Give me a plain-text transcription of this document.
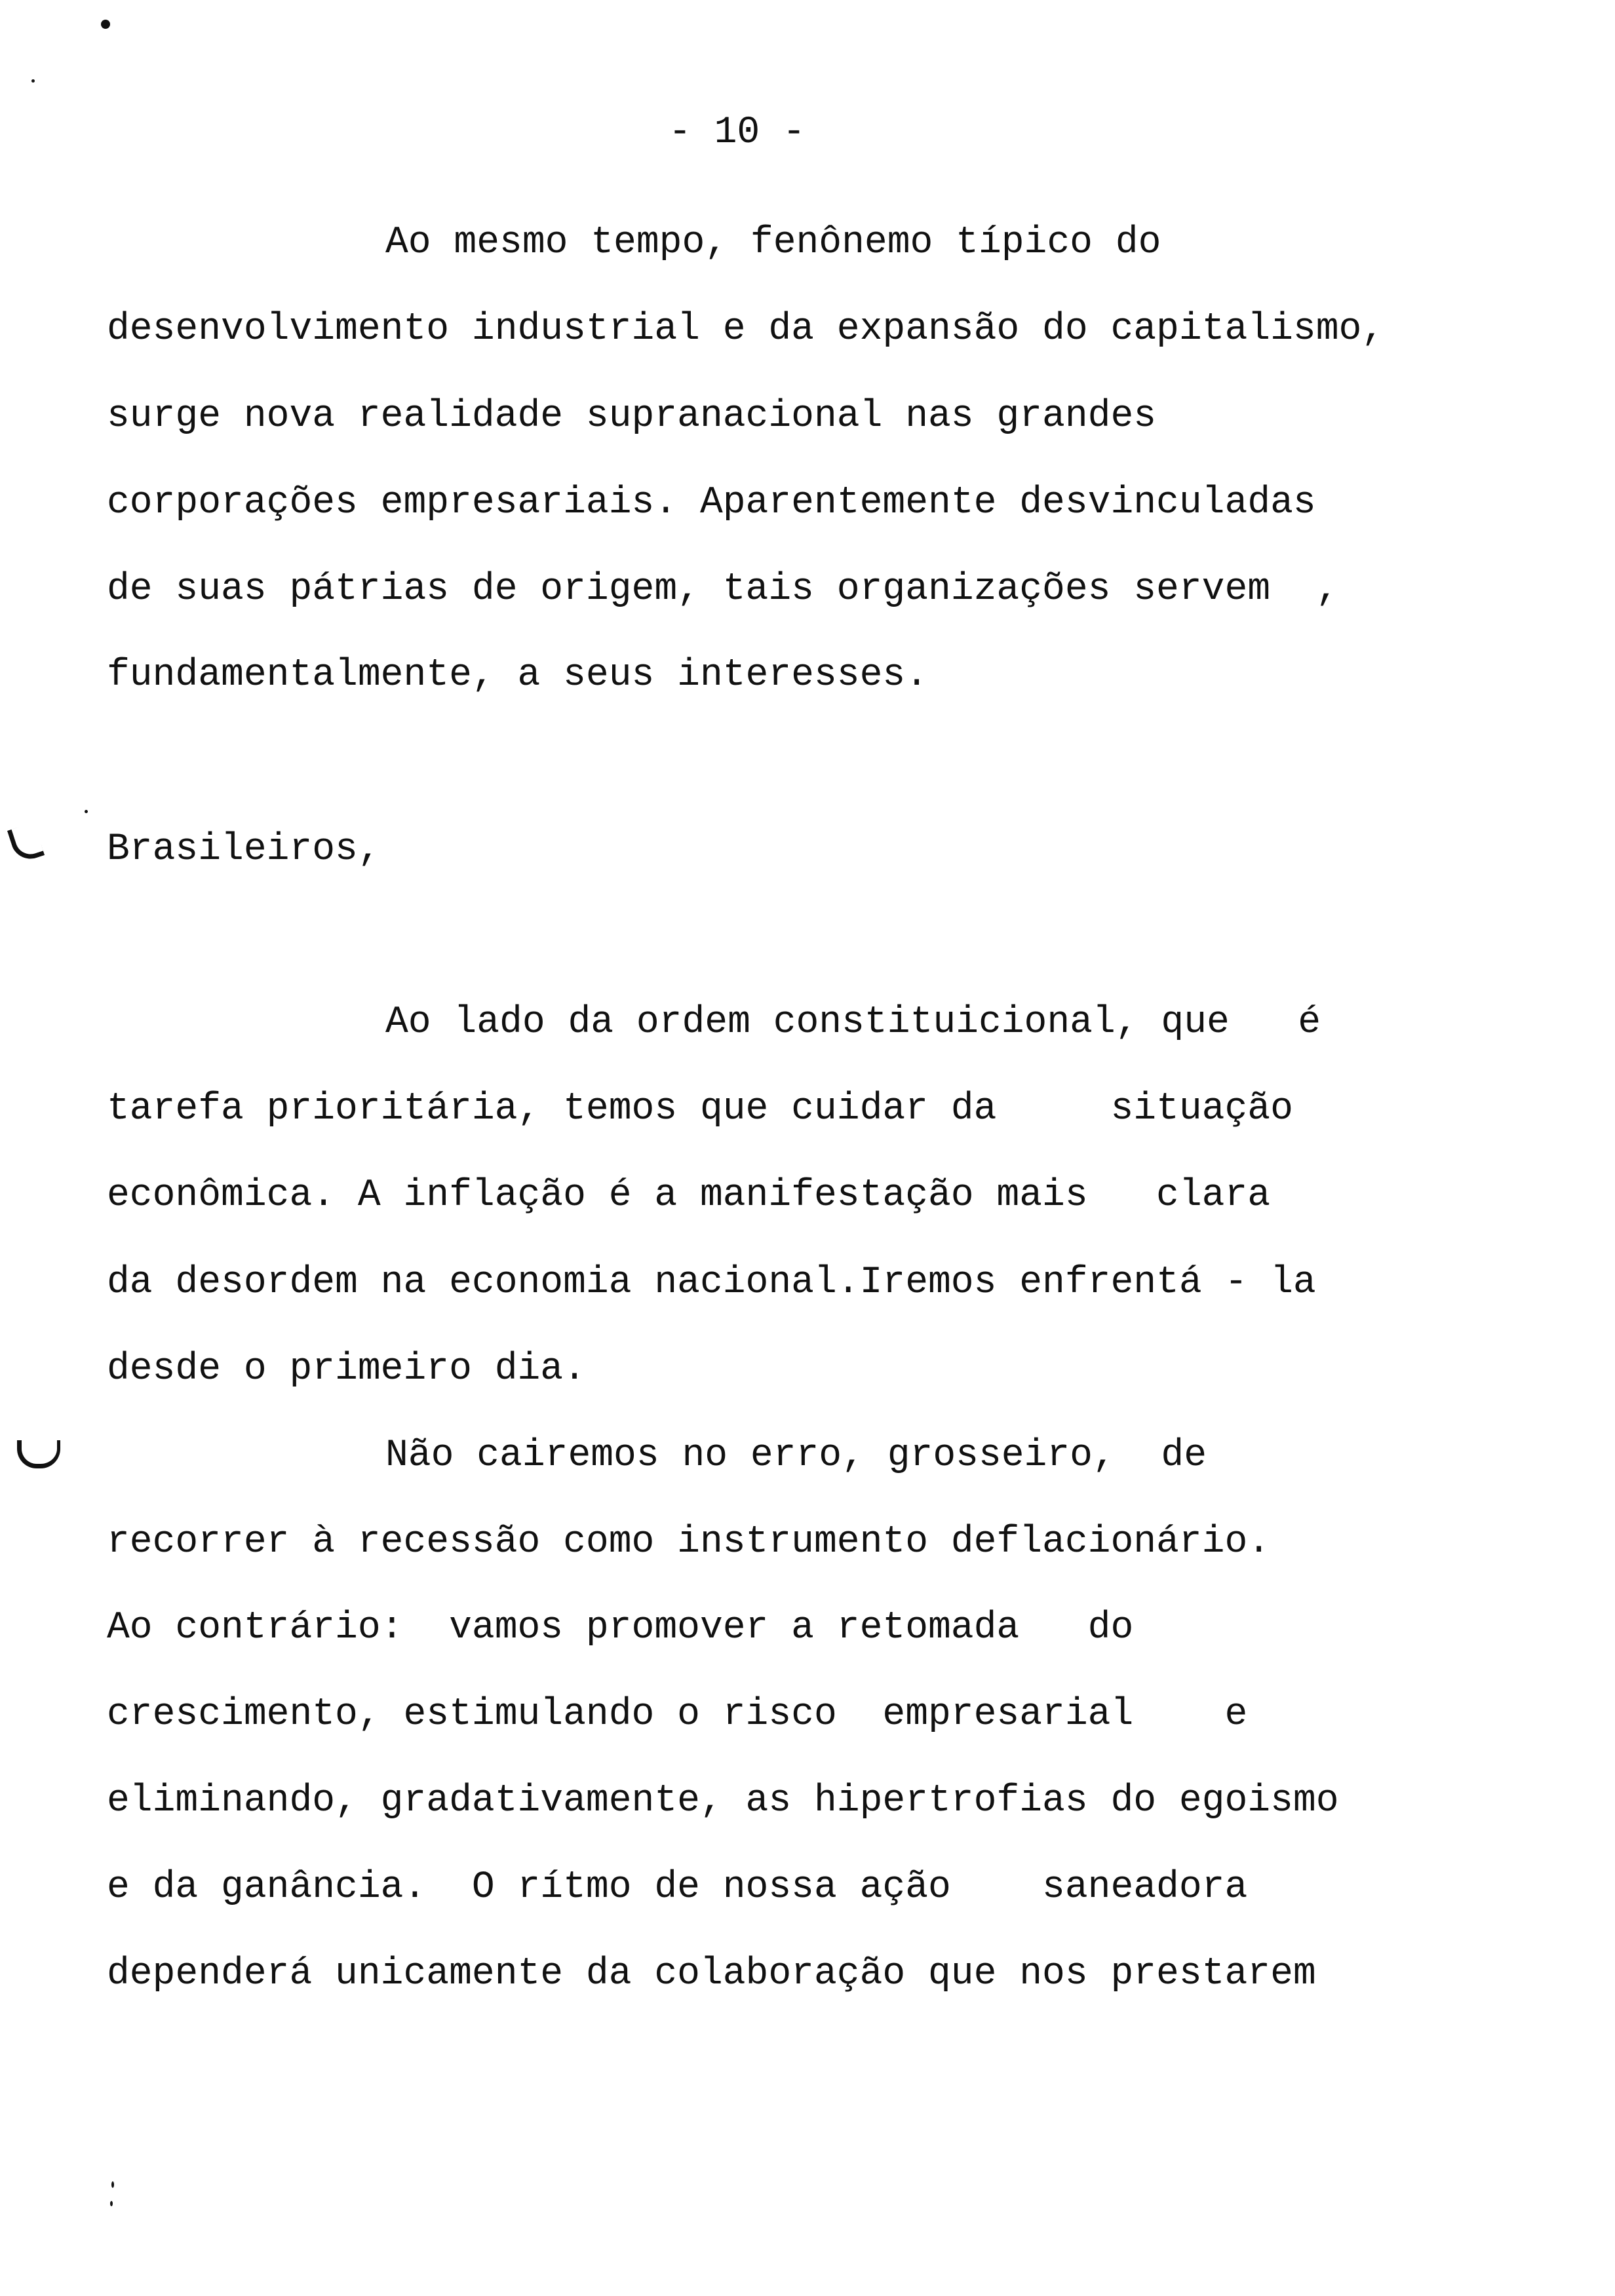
- 10 -
Ao mesmo tempo, fenônemo típico do
desenvolvimento industrial e da expansão do capitalismo,
surge nova realidade supranacional nas grandes
corporações empresariais. Aparentemente desvinculadas
de suas pátrias de origem, tais organizações servem  ,
fundamentalmente, a seus interesses.
Brasileiros,
Ao lado da ordem constituicional, que   é
tarefa prioritária, temos que cuidar da     situação
econômica. A inflação é a manifestação mais   clara
da desordem na economia nacional.Iremos enfrentá - la
desde o primeiro dia.
Não cairemos no erro, grosseiro,  de
recorrer à recessão como instrumento deflacionário.
Ao contrário:  vamos promover a retomada   do
crescimento, estimulando o risco  empresarial    e
eliminando, gradativamente, as hipertrofias do egoismo
e da ganância.  O rítmo de nossa ação    saneadora
dependerá unicamente da colaboração que nos prestarem
